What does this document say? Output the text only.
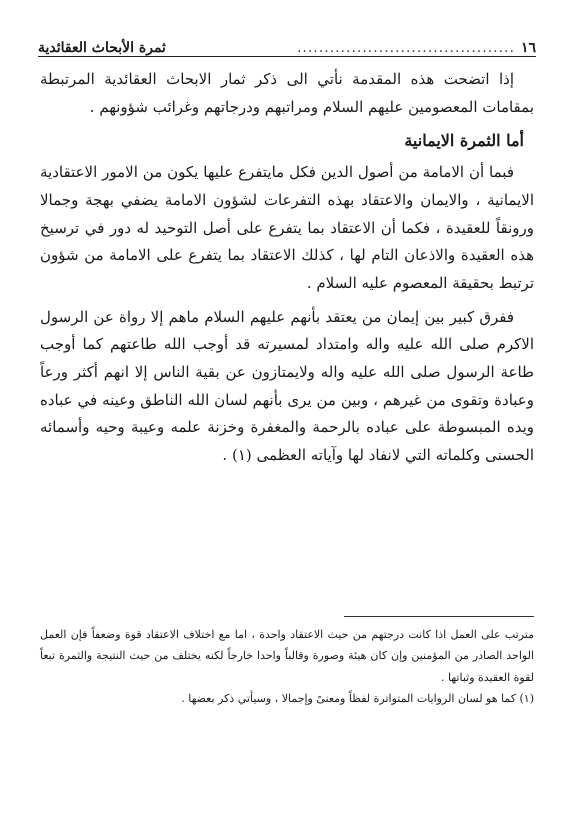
١٦
........................................
ثمرة الأبحاث العقائدية

إذا اتضحت هذه المقدمة نأتي الى ذكر ثمار الابحاث العقائدية المرتبطة بمقامات المعصومين عليهم السلام ومراتبهم ودرجاتهم وغرائب شؤونهم .

أما الثمرة الايمانية

فبما أن الامامة من أصول الدين فكل مايتفرع عليها يكون من الامور الاعتقادية الايمانية ، والايمان والاعتقاد بهذه التفرعات لشؤون الامامة يضفي بهجة وجمالا ورونقاً للعقيدة ، فكما أن الاعتقاد بما يتفرع على أصل التوحيد له دور في ترسيخ هذه العقيدة والاذعان التام لها ، كذلك الاعتقاد بما يتفرع على الامامة من شؤون ترتبط بحقيقة المعصوم عليه السلام .

ففرق كبير بين إيمان من يعتقد بأنهم عليهم السلام ماهم إلا رواة عن الرسول الاكرم صلى الله عليه واله وامتداد لمسيرته قد أوجب الله طاعتهم كما أوجب طاعة الرسول صلى الله عليه واله ولايمتازون عن بقية الناس إلا انهم أكثر ورعاً وعبادة وتقوى من غيرهم ، وبين من يرى بأنهم لسان الله الناطق وعينه في عباده ويده المبسوطة على عباده بالرحمة والمغفرة وخزنة علمه وعيبة وحيه وأسمائه الحسنى وكلماته التي لانفاد لها وآياته العظمى (١) .

مترتب على العمل اذا كانت درجتهم من حيث الاعتقاد واحدة ، اما مع اختلاف الاعتقاد قوة وضعفاً فإن العمل الواحد الصادر من المؤمنين وإن كان هيئة وصورة وقالباً واحدا خارجاً لكنه يختلف من حيث النتيجة والثمرة تبعاً لقوة العقيدة وثباتها .

(١) كما هو لسان الروايات المتواترة لفظاً ومعنىً وإجمالا ، وسيأتي ذكر بعضها .
